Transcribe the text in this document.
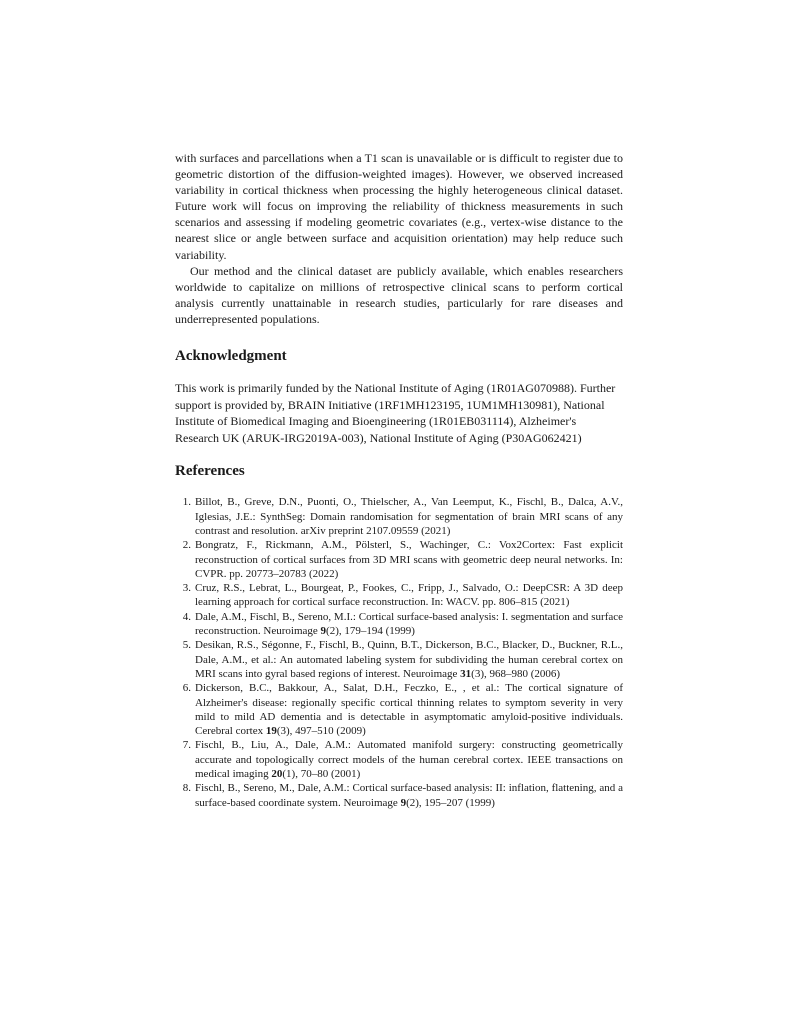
with surfaces and parcellations when a T1 scan is unavailable or is difficult to register due to geometric distortion of the diffusion-weighted images). However, we observed increased variability in cortical thickness when processing the highly heterogeneous clinical dataset. Future work will focus on improving the reliability of thickness measurements in such scenarios and assessing if modeling geometric covariates (e.g., vertex-wise distance to the nearest slice or angle between surface and acquisition orientation) may help reduce such variability.

Our method and the clinical dataset are publicly available, which enables researchers worldwide to capitalize on millions of retrospective clinical scans to perform cortical analysis currently unattainable in research studies, particularly for rare diseases and underrepresented populations.

Acknowledgment

This work is primarily funded by the National Institute of Aging (1R01AG070988). Further support is provided by, BRAIN Initiative (1RF1MH123195, 1UM1MH130981), National Institute of Biomedical Imaging and Bioengineering (1R01EB031114), Alzheimer's Research UK (ARUK-IRG2019A-003), National Institute of Aging (P30AG062421)

References
1. Billot, B., Greve, D.N., Puonti, O., Thielscher, A., Van Leemput, K., Fischl, B., Dalca, A.V., Iglesias, J.E.: SynthSeg: Domain randomisation for segmentation of brain MRI scans of any contrast and resolution. arXiv preprint 2107.09559 (2021)
2. Bongratz, F., Rickmann, A.M., Pölsterl, S., Wachinger, C.: Vox2Cortex: Fast explicit reconstruction of cortical surfaces from 3D MRI scans with geometric deep neural networks. In: CVPR. pp. 20773–20783 (2022)
3. Cruz, R.S., Lebrat, L., Bourgeat, P., Fookes, C., Fripp, J., Salvado, O.: DeepCSR: A 3D deep learning approach for cortical surface reconstruction. In: WACV. pp. 806–815 (2021)
4. Dale, A.M., Fischl, B., Sereno, M.I.: Cortical surface-based analysis: I. segmentation and surface reconstruction. Neuroimage 9(2), 179–194 (1999)
5. Desikan, R.S., Ségonne, F., Fischl, B., Quinn, B.T., Dickerson, B.C., Blacker, D., Buckner, R.L., Dale, A.M., et al.: An automated labeling system for subdividing the human cerebral cortex on MRI scans into gyral based regions of interest. Neuroimage 31(3), 968–980 (2006)
6. Dickerson, B.C., Bakkour, A., Salat, D.H., Feczko, E., , et al.: The cortical signature of Alzheimer's disease: regionally specific cortical thinning relates to symptom severity in very mild to mild AD dementia and is detectable in asymptomatic amyloid-positive individuals. Cerebral cortex 19(3), 497–510 (2009)
7. Fischl, B., Liu, A., Dale, A.M.: Automated manifold surgery: constructing geometrically accurate and topologically correct models of the human cerebral cortex. IEEE transactions on medical imaging 20(1), 70–80 (2001)
8. Fischl, B., Sereno, M., Dale, A.M.: Cortical surface-based analysis: II: inflation, flattening, and a surface-based coordinate system. Neuroimage 9(2), 195–207 (1999)
